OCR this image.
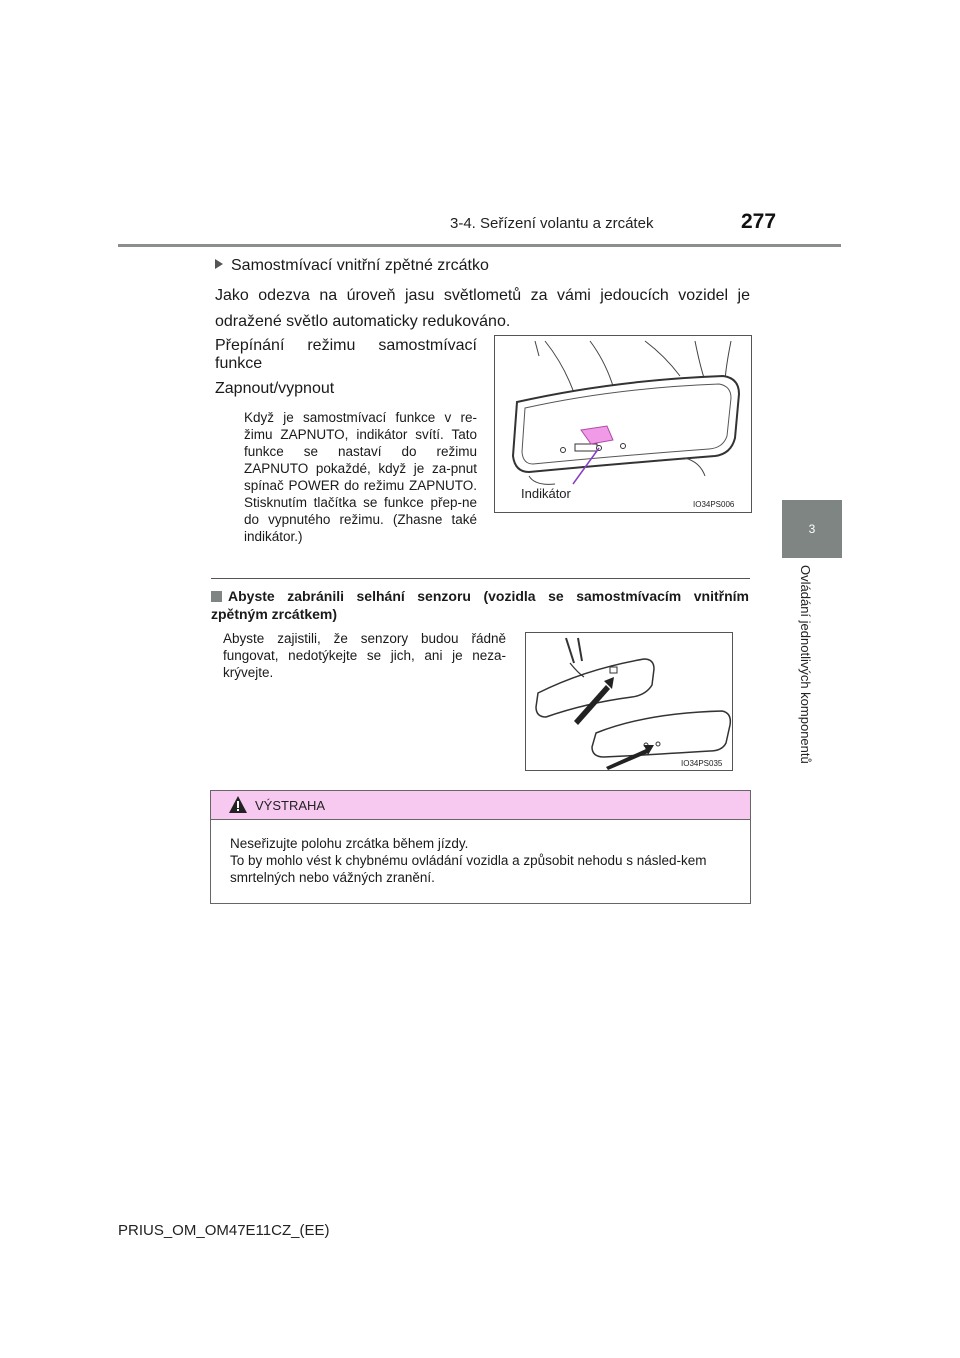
3-4. Seřízení volantu a zrcátek	277
3
Ovládání jednotlivých komponentů
Samostmívací vnitřní zpětné zrcátko
Jako odezva na úroveň jasu světlometů za vámi jedoucích vozidel je odražené světlo automaticky redukováno.
Přepínání režimu samostmívací
funkce
Zapnout/vypnout
Když je samostmívací funkce v re-žimu ZAPNUTO, indikátor svítí. Tato funkce se nastaví do režimu ZAPNUTO pokaždé, když je za-pnut spínač POWER do režimu ZAPNUTO. Stisknutím tlačítka se funkce přep-ne do vypnutého režimu. (Zhasne také indikátor.)
Indikátor
IO34PS006
Abyste zabránili selhání senzoru (vozidla se samostmívacím vnitřním zpětným zrcátkem)
Abyste zajistili, že senzory budou řádně fungovat, nedotýkejte se jich, ani je neza-krývejte.
IO34PS035
VÝSTRAHA
Neseřizujte polohu zrcátka během jízdy.
To by mohlo vést k chybnému ovládání vozidla a způsobit nehodu s násled-kem smrtelných nebo vážných zranění.
PRIUS_OM_OM47E11CZ_(EE)
